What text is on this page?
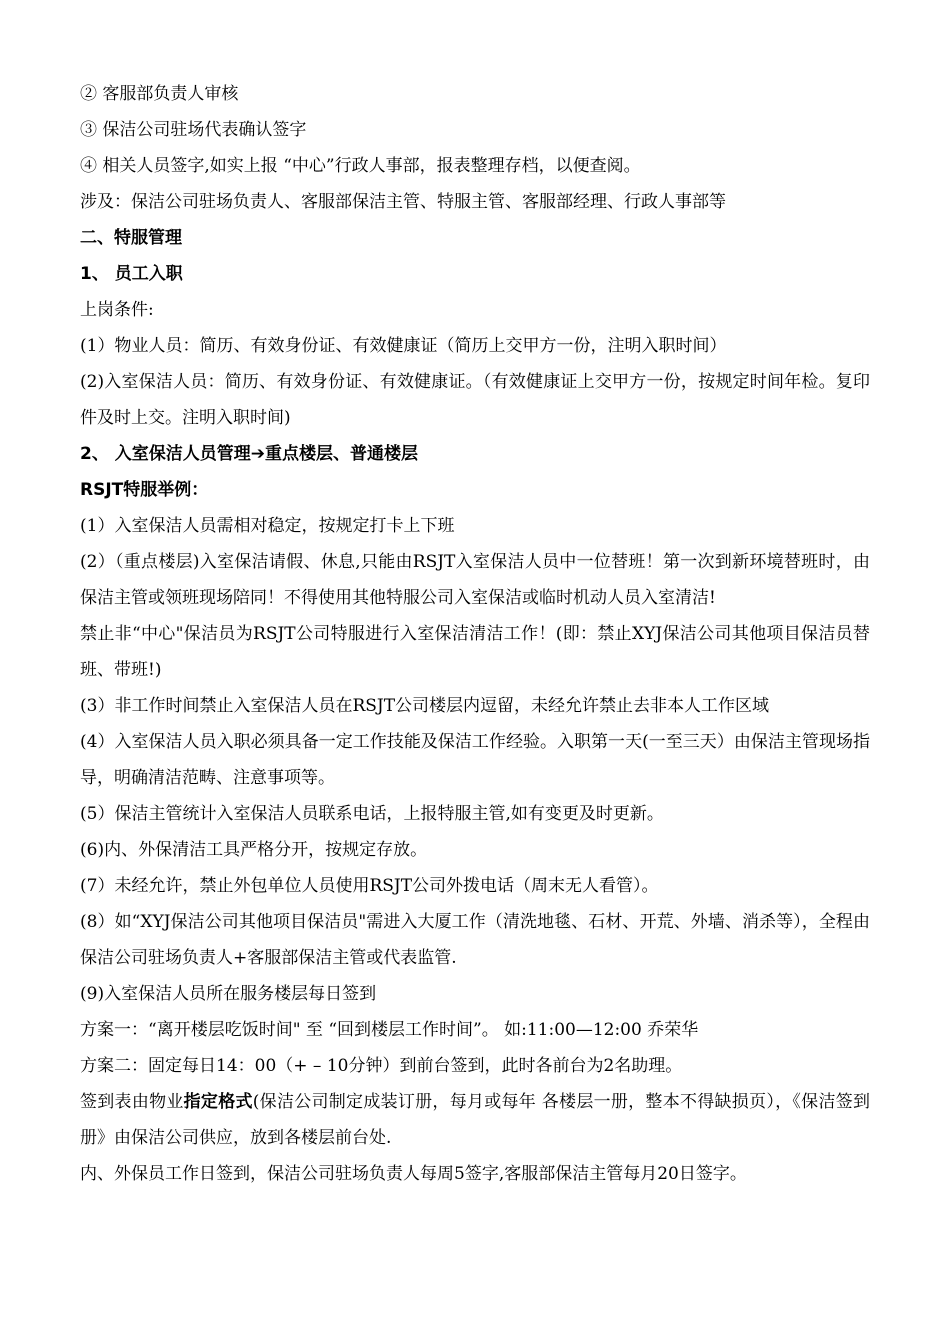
② 客服部负责人审核

③ 保洁公司驻场代表确认签字

④ 相关人员签字,如实上报 “中心”行政人事部，报表整理存档，以便查阅。

涉及：保洁公司驻场负责人、客服部保洁主管、特服主管、客服部经理、行政人事部等

二、特服管理

1、 员工入职

上岗条件:

(1）物业人员：简历、有效身份证、有效健康证（简历上交甲方一份，注明入职时间）

(2)入室保洁人员：简历、有效身份证、有效健康证。（有效健康证上交甲方一份，按规定时间年检。复印件及时上交。注明入职时间)

2、 入室保洁人员管理➔重点楼层、普通楼层

RSJT特服举例：

(1）入室保洁人员需相对稳定，按规定打卡上下班

(2）（重点楼层)入室保洁请假、休息,只能由RSJT入室保洁人员中一位替班！第一次到新环境替班时，由保洁主管或领班现场陪同！不得使用其他特服公司入室保洁或临时机动人员入室清洁!

禁止非“中心"保洁员为RSJT公司特服进行入室保洁清洁工作！(即：禁止XYJ保洁公司其他项目保洁员替班、带班!)

(3）非工作时间禁止入室保洁人员在RSJT公司楼层内逗留，未经允许禁止去非本人工作区域

(4）入室保洁人员入职必须具备一定工作技能及保洁工作经验。入职第一天(一至三天）由保洁主管现场指导，明确清洁范畴、注意事项等。

(5）保洁主管统计入室保洁人员联系电话，上报特服主管,如有变更及时更新。

(6)内、外保清洁工具严格分开，按规定存放。

(7）未经允许，禁止外包单位人员使用RSJT公司外拨电话（周末无人看管）。

(8）如“XYJ保洁公司其他项目保洁员"需进入大厦工作（清洗地毯、石材、开荒、外墙、消杀等），全程由保洁公司驻场负责人+客服部保洁主管或代表监管.

(9)入室保洁人员所在服务楼层每日签到

方案一：“离开楼层吃饭时间" 至 “回到楼层工作时间”。 如:11:00—12:00 乔荣华

方案二：固定每日14：00（+ – 10分钟）到前台签到，此时各前台为2名助理。

签到表由物业指定格式(保洁公司制定成装订册，每月或每年 各楼层一册，整本不得缺损页），《保洁签到册》由保洁公司供应，放到各楼层前台处.

内、外保员工作日签到，保洁公司驻场负责人每周5签字,客服部保洁主管每月20日签字。
